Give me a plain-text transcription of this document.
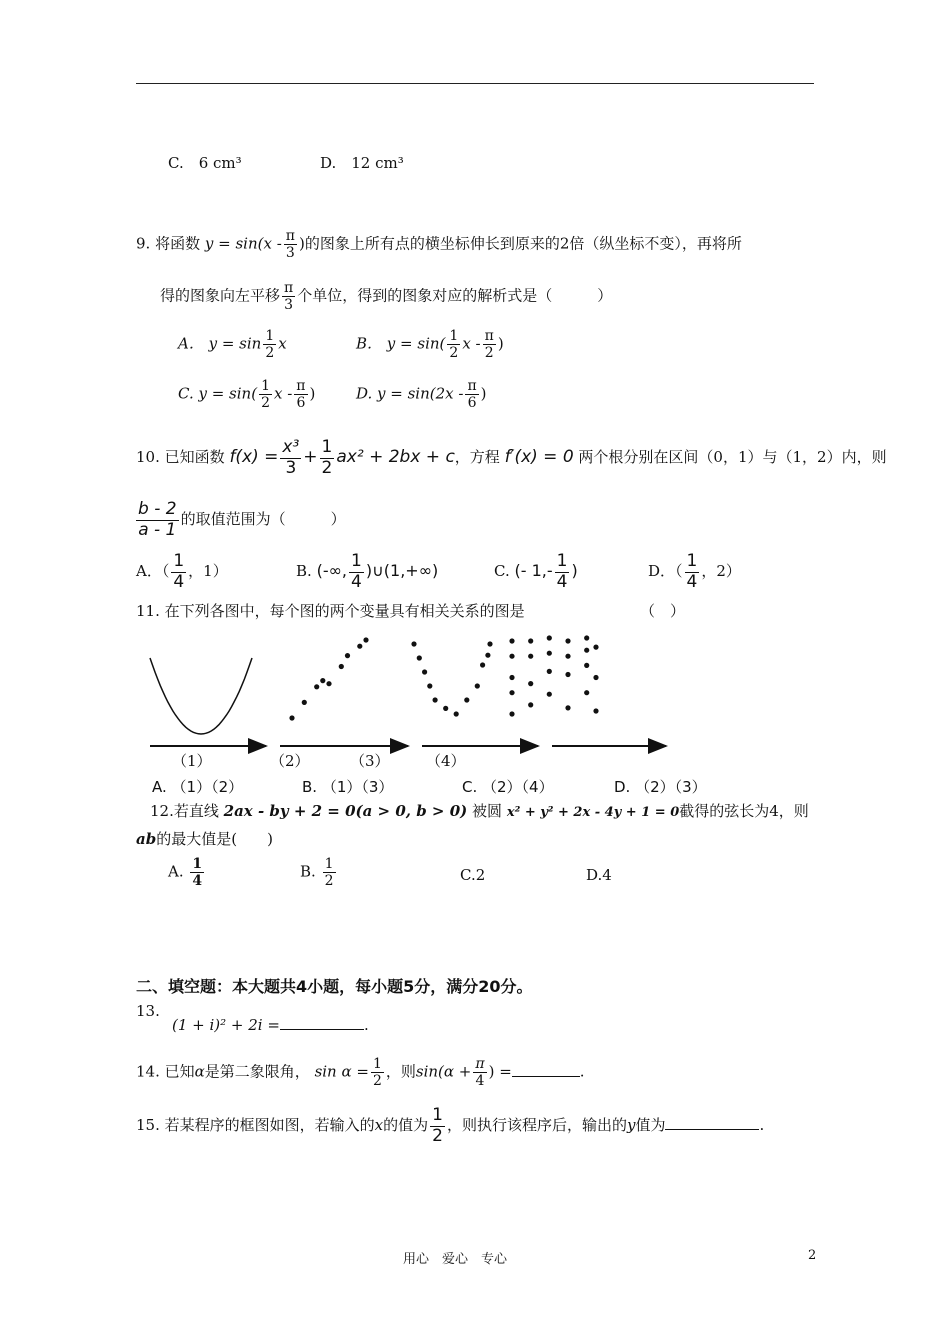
C.　6 cm³	D.　12 cm³
9. 将函数 $y = \sin(x - \frac{\pi}{3}$ )的图象上所有点的横坐标伸长到原来的2倍（纵坐标不变），再将所
得的图象向左平移 $\frac{\pi}{3}$ 个单位，得到的图象对应的解析式是（　　　）
A． $y = \sin \frac{1}{2}$ x	B． $y = \sin( \frac{1}{2}$ x - $\frac{\pi}{2}$ )
C. $y = \sin( \frac{1}{2}$ x - $\frac{\pi}{6}$ )	D. $y = \sin(2x - \frac{\pi}{6}$ )
10. 已知函数 $f(x) = \frac{\text{x³}}{3} + \frac{1}{2} ax^2 + 2bx + c$，方程 f′(x) = 0 两个根分别在区间（0，1）与（1，2）内，则
$\frac{b - 2}{a - 1}$ 的取值范围为（　　　）
A．（ $\frac{1}{4}$ ，1）	B. (-∞, $\frac{1}{4}$ )∪(1,+∞)	C. (- $1,- \frac{1}{4}$ )	D．（ $\frac{1}{4}$ ，2）
11. 在下列各图中，每个图的两个变量具有相关关系的图是	（　）
（1）	（2）	（3） （4）
A. （1）（2）	B. （1）（3）	C. （2）（4）	D. （2）（3）
12.若直线 2ax - by + 2 = 0(a > 0, b > 0) 被圆 x² + y² + 2x - 4y + 1 = 0截得的弦长为4，则
ab的最大值是(　　)
A. $\frac{1}{4}$	B. $\frac{1}{2}$	C.2	D.4
二、填空题：本大题共4小题，每小题5分，满分20分。
13.
(1 + i)² + 2i =	.
14. 已知α是第二象限角， $\sin \alpha = \frac{1}{2}$ ，则$\sin(\alpha + \frac{\pi}{4}$ ) =	.
15. 若某程序的框图如图，若输入的x的值为 $\frac{1}{2}$ ，则执行该程序后，输出的y值为	.
用心　爱心　专心	2
